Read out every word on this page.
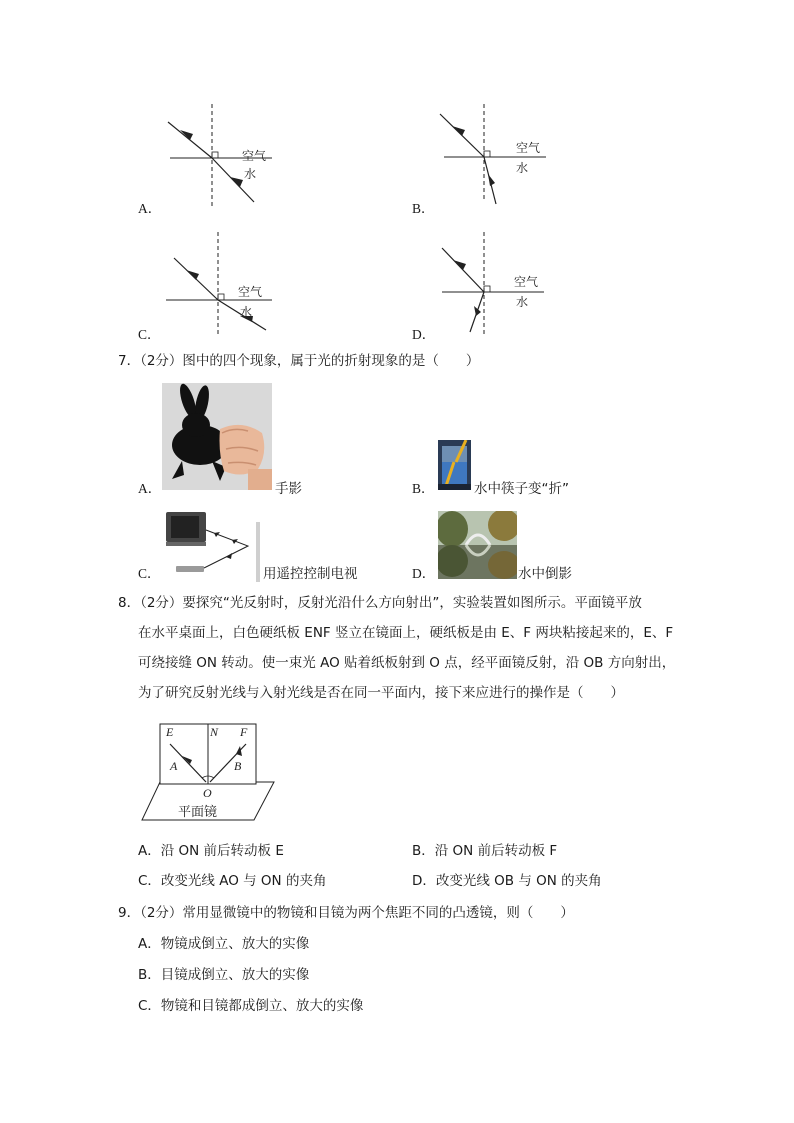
空气
水
A．
空气
水
B．
空气
水
C．
空气
水
D．
7．（2分）图中的四个现象，属于光的折射现象的是（　　）
A．	手影	B．	水中筷子变“折”
C．	用遥控控制电视	D．	水中倒影
8．（2分）要探究“光反射时，反射光沿什么方向射出”，实验装置如图所示。平面镜平放
在水平桌面上，白色硬纸板 ENF 竖立在镜面上，硬纸板是由 E、F 两块粘接起来的，E、F
可绕接缝 ON 转动。使一束光 AO 贴着纸板射到 O 点，经平面镜反射，沿 OB 方向射出，
为了研究反射光线与入射光线是否在同一平面内，接下来应进行的操作是（　　）
E	N F
A	B
O
平面镜
A．沿 ON 前后转动板 E	B．沿 ON 前后转动板 F
C．改变光线 AO 与 ON 的夹角	D．改变光线 OB 与 ON 的夹角
9．（2分）常用显微镜中的物镜和目镜为两个焦距不同的凸透镜，则（　　）
A．物镜成倒立、放大的实像
B．目镜成倒立、放大的实像
C．物镜和目镜都成倒立、放大的实像
